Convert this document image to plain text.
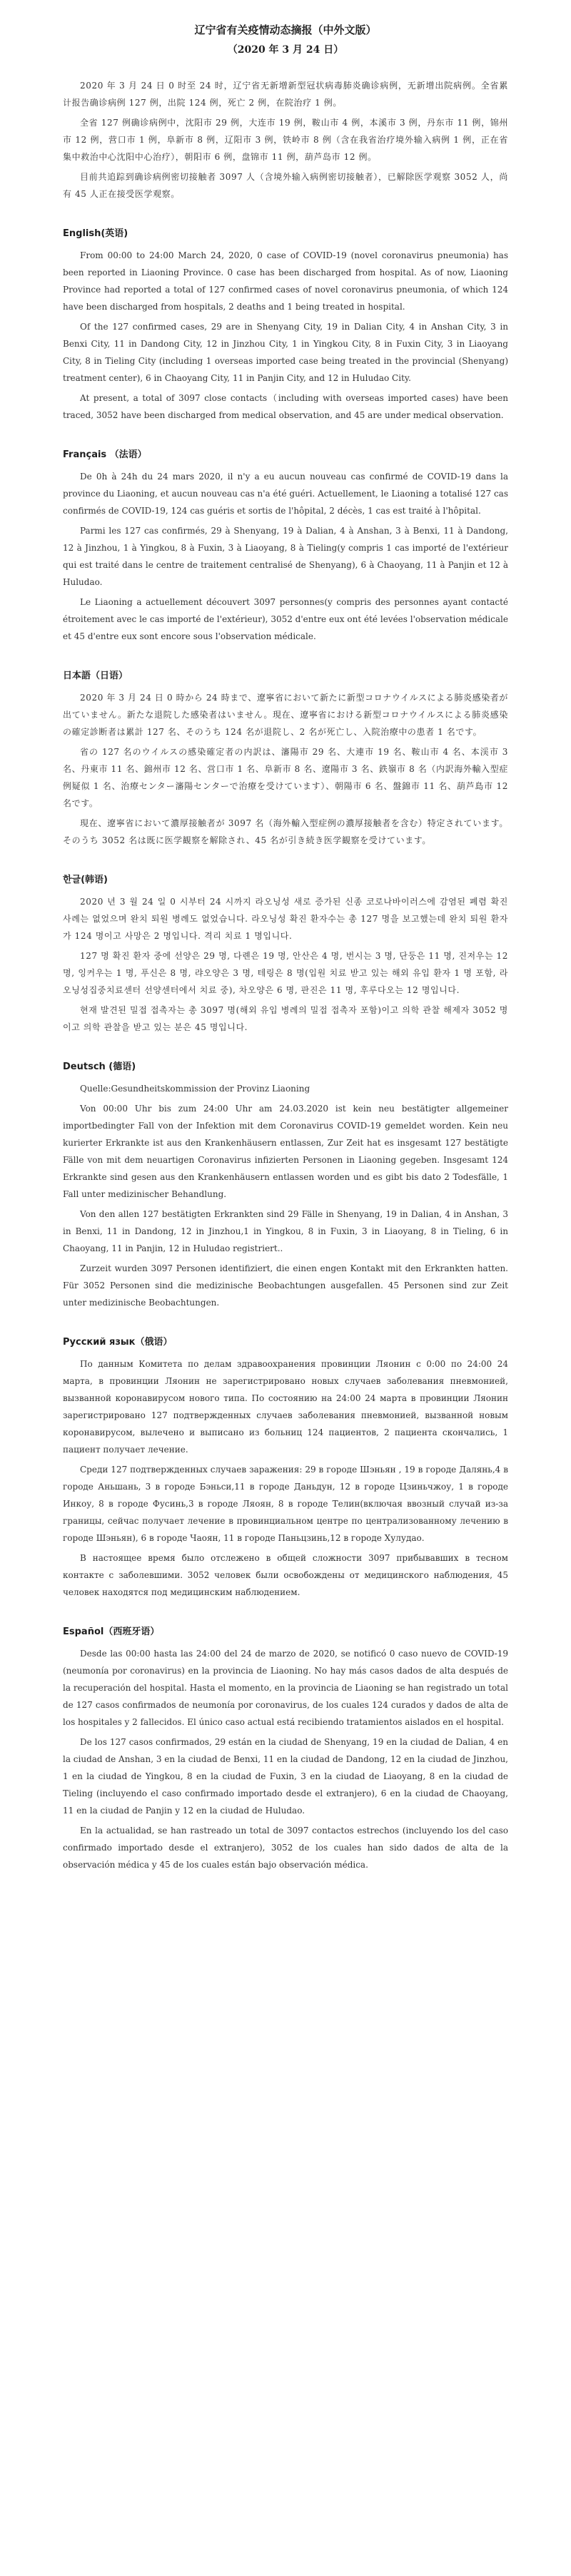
辽宁省有关疫情动态摘报（中外文版）
（2020 年 3 月 24 日）

2020 年 3 月 24 日 0 时至 24 时，辽宁省无新增新型冠状病毒肺炎确诊病例，无新增出院病例。全省累计报告确诊病例 127 例，出院 124 例，死亡 2 例，在院治疗 1 例。

全省 127 例确诊病例中，沈阳市 29 例，大连市 19 例，鞍山市 4 例，本溪市 3 例，丹东市 11 例，锦州市 12 例，营口市 1 例，阜新市 8 例，辽阳市 3 例，铁岭市 8 例（含在我省治疗境外输入病例 1 例，正在省集中救治中心沈阳中心治疗），朝阳市 6 例，盘锦市 11 例，葫芦岛市 12 例。

目前共追踪到确诊病例密切接触者 3097 人（含境外输入病例密切接触者），已解除医学观察 3052 人，尚有 45 人正在接受医学观察。

English(英语)

From 00:00 to 24:00 March 24, 2020, 0 case of COVID-19 (novel coronavirus pneumonia) has been reported in Liaoning Province. 0 case has been discharged from hospital. As of now, Liaoning Province had reported a total of 127 confirmed cases of novel coronavirus pneumonia, of which 124 have been discharged from hospitals, 2 deaths and 1 being treated in hospital.

Of the 127 confirmed cases, 29 are in Shenyang City, 19 in Dalian City, 4 in Anshan City, 3 in Benxi City, 11 in Dandong City, 12 in Jinzhou City, 1 in Yingkou City, 8 in Fuxin City, 3 in Liaoyang City, 8 in Tieling City (including 1 overseas imported case being treated in the provincial (Shenyang) treatment center), 6 in Chaoyang City, 11 in Panjin City, and 12 in Huludao City.

At present, a total of 3097 close contacts（including with overseas imported cases) have been traced, 3052 have been discharged from medical observation, and 45 are under medical observation.

Français （法语）

De 0h à 24h du 24 mars 2020, il n'y a eu aucun nouveau cas confirmé de COVID-19 dans la province du Liaoning, et aucun nouveau cas n'a été guéri. Actuellement, le Liaoning a totalisé 127 cas confirmés de COVID-19, 124 cas guéris et sortis de l'hôpital, 2 décès, 1 cas est traité à l'hôpital.

Parmi les 127 cas confirmés, 29 à Shenyang, 19 à Dalian, 4 à Anshan, 3 à Benxi, 11 à Dandong, 12 à Jinzhou, 1 à Yingkou, 8 à Fuxin, 3 à Liaoyang, 8 à Tieling(y compris 1 cas importé de l'extérieur qui est traité dans le centre de traitement centralisé de Shenyang), 6 à Chaoyang, 11 à Panjin et 12 à Huludao.

Le Liaoning a actuellement découvert 3097 personnes(y compris des personnes ayant contacté étroitement avec le cas importé de l'extérieur), 3052 d'entre eux ont été levées l'observation médicale et 45 d'entre eux sont encore sous l'observation médicale.

日本語（日语）

2020 年 3 月 24 日 0 時から 24 時まで、遼寧省において新たに新型コロナウイルスによる肺炎感染者が出ていません。新たな退院した感染者はいません。現在、遼寧省における新型コロナウイルスによる肺炎感染の確定診断者は累計 127 名、そのうち 124 名が退院し、2 名が死亡し、入院治療中の患者 1 名です。

省の 127 名のウイルスの感染確定者の内訳は、瀋陽市 29 名、大連市 19 名、鞍山市 4 名、本渓市 3 名、丹東市 11 名、錦州市 12 名、営口市 1 名、阜新市 8 名、遼陽市 3 名、鉄嶺市 8 名（内訳海外輸入型症例疑似 1 名、治療センター瀋陽センターで治療を受けています）、朝陽市 6 名、盤錦市 11 名、葫芦島市 12 名です。

現在、遼寧省において濃厚接触者が 3097 名（海外輸入型症例の濃厚接触者を含む）特定されています。そのうち 3052 名は既に医学観察を解除され、45 名が引き続き医学観察を受けています。

한글(韩语)

2020 년 3 월 24 일 0 시부터 24 시까지 라오닝성 새로 증가된 신종 코로나바이러스에 감염된 폐렴 확진 사례는 없었으며 완치 퇴원 병례도 없었습니다. 라오닝성 확진 환자수는 총 127 명을 보고했는데 완치 퇴원 환자가 124 명이고 사망은 2 명입니다. 격리 치료 1 명입니다.

127 명 확진 환자 중에 선양은 29 명, 다롄은 19 명, 안산은 4 명, 번시는 3 명, 단둥은 11 명, 진저우는 12 명, 잉커우는 1 명, 푸신은 8 명, 랴오양은 3 명, 테링은 8 명(입원 치료 받고 있는 해외 유입 환자 1 명 포함, 라오닝성집중치료센터 선양센터에서 치료 중), 차오양은 6 명, 판진은 11 명, 후루다오는 12 명입니다.

현재 발견된 밀접 접촉자는 총 3097 명(해외 유입 병례의 밀접 접촉자 포함)이고 의학 관찰 해제자 3052 명이고 의학 관찰을 받고 있는 분은 45 명입니다.

Deutsch (德语)

Quelle:Gesundheitskommission der Provinz Liaoning

Von 00:00 Uhr bis zum 24:00 Uhr am 24.03.2020 ist kein neu bestätigter allgemeiner importbedingter Fall von der Infektion mit dem Coronavirus COVID-19 gemeldet worden. Kein neu kurierter Erkrankte ist aus den Krankenhäusern entlassen, Zur Zeit hat es insgesamt 127 bestätigte Fälle von mit dem neuartigen Coronavirus infizierten Personen in Liaoning gegeben. Insgesamt 124 Erkrankte sind gesen aus den Krankenhäusern entlassen worden und es gibt bis dato 2 Todesfälle, 1 Fall unter medizinischer Behandlung.

Von den allen 127 bestätigten Erkrankten sind 29 Fälle in Shenyang, 19 in Dalian, 4 in Anshan, 3 in Benxi, 11 in Dandong, 12 in Jinzhou,1 in Yingkou, 8 in Fuxin, 3 in Liaoyang, 8 in Tieling, 6 in Chaoyang, 11 in Panjin, 12 in Huludao registriert..

Zurzeit wurden 3097 Personen identifiziert, die einen engen Kontakt mit den Erkrankten hatten. Für 3052 Personen sind die medizinische Beobachtungen ausgefallen. 45 Personen sind zur Zeit unter medizinische Beobachtungen.

Русский язык（俄语）

По данным Комитета по делам здравоохранения провинции Ляонин с 0:00 по 24:00 24 марта, в провинции Ляонин не зарегистрировано новых случаев заболевания пневмонией, вызванной коронавирусом нового типа. По состоянию на 24:00 24 марта в провинции Ляонин зарегистрировано 127 подтвержденных случаев заболевания пневмонией, вызванной новым коронавирусом, вылечено и выписано из больниц 124 пациентов, 2 пациента скончались, 1 пациент получает лечение.

Среди 127 подтвержденных случаев заражения: 29 в городе Шэньян , 19 в городе Далянь,4 в городе Аньшань, 3 в городе Бэньси,11 в городе Даньдун, 12 в городе Цзиньчжоу, 1 в городе Инкоу, 8 в городе Фусинь,3 в городе Ляоян, 8 в городе Телин(включая ввозный случай из-за границы, сейчас получает лечение в провинциальном центре по централизованному лечению в городе Шэньян), 6 в городе Чаоян, 11 в городе Паньцзинь,12 в городе Хулудао.

В настоящее время было отслежено в общей сложности 3097 прибывавших в тесном контакте с заболевшими. 3052 человек были освобождены от медицинского наблюдения, 45 человек находятся под медицинским наблюдением.

Español（西班牙语）

Desde las 00:00 hasta las 24:00 del 24 de marzo de 2020, se notificó 0 caso nuevo de COVID-19 (neumonía por coronavirus) en la provincia de Liaoning. No hay más casos dados de alta después de la recuperación del hospital. Hasta el momento, en la provincia de Liaoning se han registrado un total de 127 casos confirmados de neumonía por coronavirus, de los cuales 124 curados y dados de alta de los hospitales y 2 fallecidos. El único caso actual está recibiendo tratamientos aislados en el hospital.

De los 127 casos confirmados, 29 están en la ciudad de Shenyang, 19 en la ciudad de Dalian, 4 en la ciudad de Anshan, 3 en la ciudad de Benxi, 11 en la ciudad de Dandong, 12 en la ciudad de Jinzhou, 1 en la ciudad de Yingkou, 8 en la ciudad de Fuxin, 3 en la ciudad de Liaoyang, 8 en la ciudad de Tieling (incluyendo el caso confirmado importado desde el extranjero), 6 en la ciudad de Chaoyang, 11 en la ciudad de Panjin y 12 en la ciudad de Huludao.

En la actualidad, se han rastreado un total de 3097 contactos estrechos (incluyendo los del caso confirmado importado desde el extranjero), 3052 de los cuales han sido dados de alta de la observación médica y 45 de los cuales están bajo observación médica.
